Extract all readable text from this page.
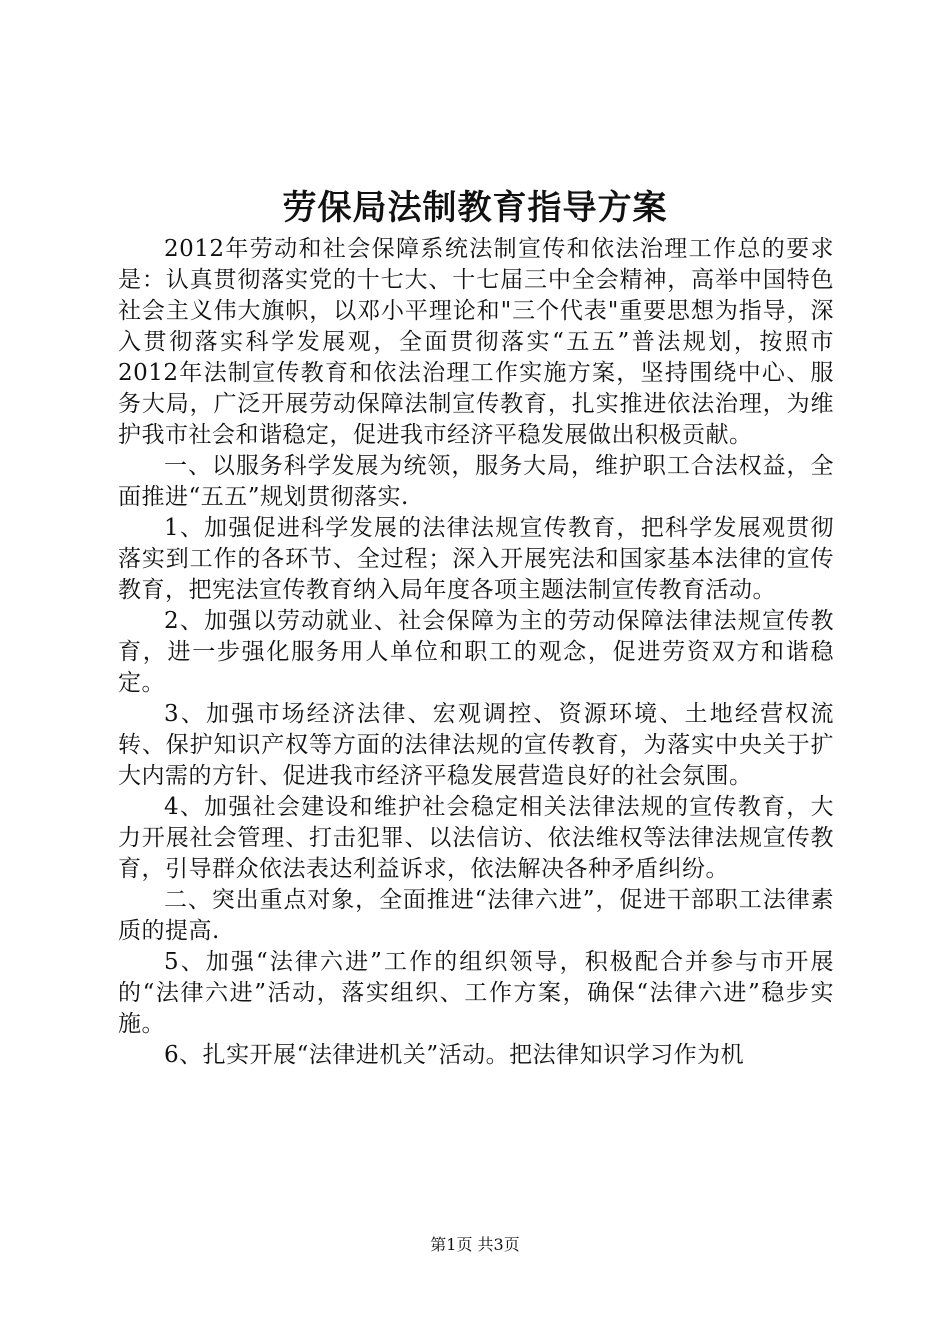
劳保局法制教育指导方案

2012年劳动和社会保障系统法制宣传和依法治理工作总的要求是：认真贯彻落实党的十七大、十七届三中全会精神，高举中国特色社会主义伟大旗帜，以邓小平理论和"三个代表"重要思想为指导，深入贯彻落实科学发展观，全面贯彻落实“五五”普法规划，按照市2012年法制宣传教育和依法治理工作实施方案，坚持围绕中心、服务大局，广泛开展劳动保障法制宣传教育，扎实推进依法治理，为维护我市社会和谐稳定，促进我市经济平稳发展做出积极贡献。

一、以服务科学发展为统领，服务大局，维护职工合法权益，全面推进“五五”规划贯彻落实.

1、加强促进科学发展的法律法规宣传教育，把科学发展观贯彻落实到工作的各环节、全过程；深入开展宪法和国家基本法律的宣传教育，把宪法宣传教育纳入局年度各项主题法制宣传教育活动。

2、加强以劳动就业、社会保障为主的劳动保障法律法规宣传教育，进一步强化服务用人单位和职工的观念，促进劳资双方和谐稳定。

3、加强市场经济法律、宏观调控、资源环境、土地经营权流转、保护知识产权等方面的法律法规的宣传教育，为落实中央关于扩大内需的方针、促进我市经济平稳发展营造良好的社会氛围。

4、加强社会建设和维护社会稳定相关法律法规的宣传教育，大力开展社会管理、打击犯罪、以法信访、依法维权等法律法规宣传教育，引导群众依法表达利益诉求，依法解决各种矛盾纠纷。

二、突出重点对象，全面推进“法律六进”，促进干部职工法律素质的提高.

5、加强“法律六进”工作的组织领导，积极配合并参与市开展的“法律六进”活动，落实组织、工作方案，确保“法律六进”稳步实施。

6、扎实开展“法律进机关”活动。把法律知识学习作为机

第1页 共3页
